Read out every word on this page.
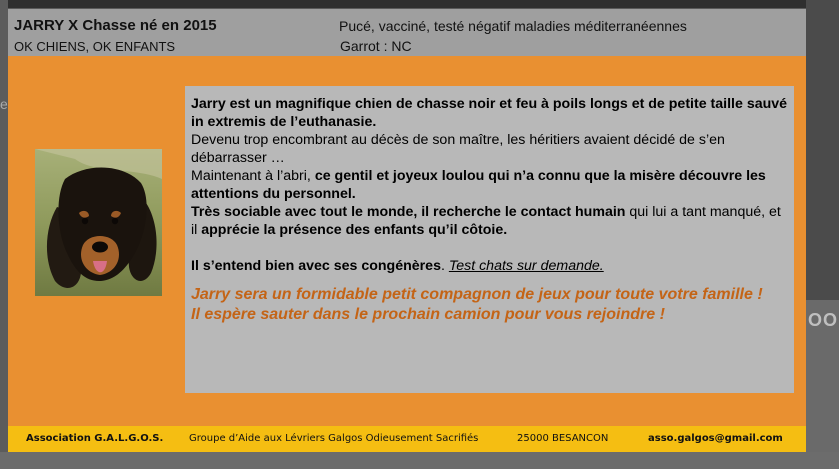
OO
e
JARRY X Chasse né en 2015
OK CHIENS, OK ENFANTS
Pucé, vacciné, testé négatif maladies méditerranéennes
Garrot : NC

Jarry est un magnifique chien de chasse noir et feu à poils longs et de petite taille sauvé in extremis de l’euthanasie.

Devenu trop encombrant au décès de son maître, les héritiers avaient décidé de s’en débarrasser …

Maintenant à l’abri, ce gentil et joyeux loulou qui n’a connu que la misère découvre les attentions du personnel.

Très sociable avec tout le monde, il recherche le contact humain qui lui a tant manqué, et il apprécie la présence des enfants qu’il côtoie.

Il s’entend bien avec ses congénères. Test chats sur demande.

Jarry sera un formidable petit compagnon de jeux pour toute votre famille !
Il espère sauter dans le prochain camion pour vous rejoindre !

Association G.A.L.G.O.S.	Groupe d’Aide aux Lévriers Galgos Odieusement Sacrifiés	25000 BESANCON	asso.galgos@gmail.com
